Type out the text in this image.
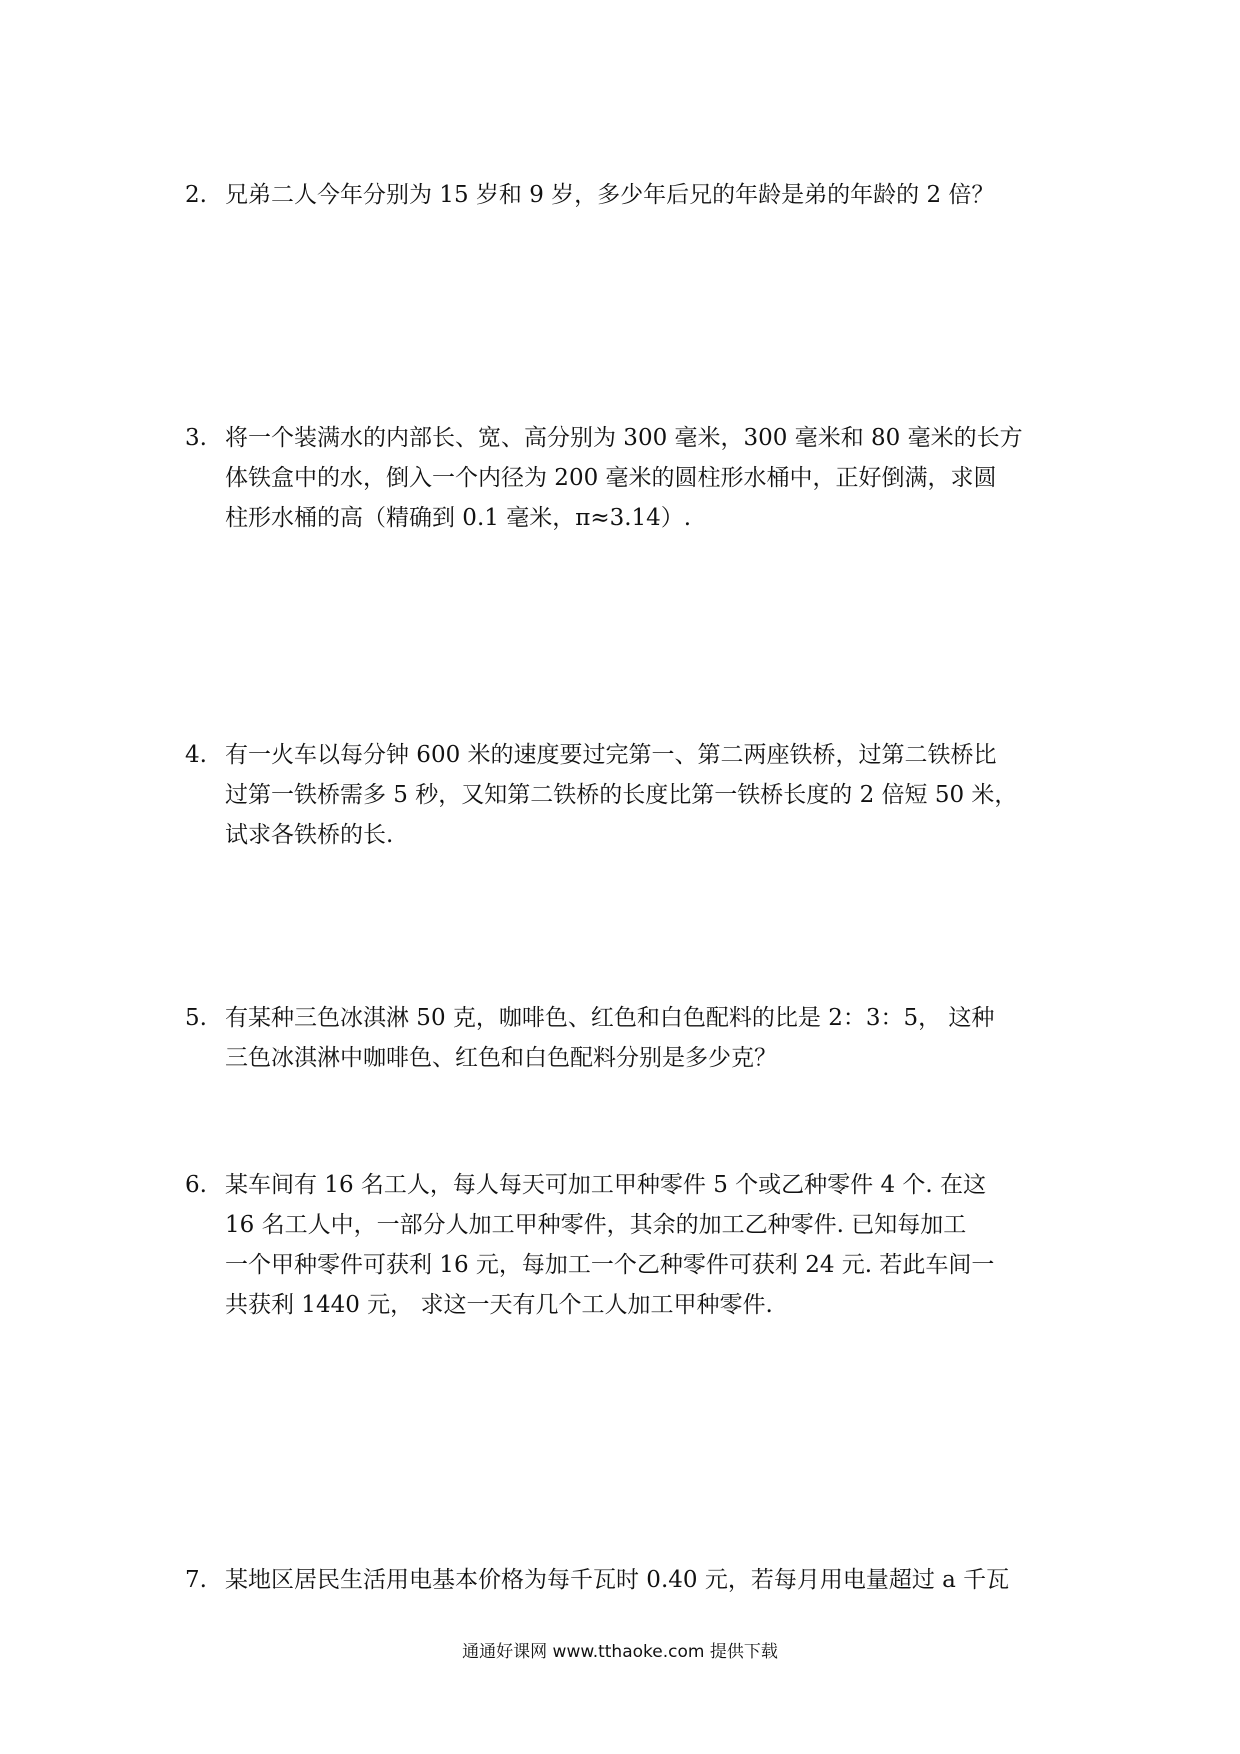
2. 兄弟二人今年分别为 15 岁和 9 岁，多少年后兄的年龄是弟的年龄的 2 倍？
3. 将一个装满水的内部长、宽、高分别为 300 毫米，300 毫米和 80 毫米的长方
体铁盒中的水，倒入一个内径为 200 毫米的圆柱形水桶中，正好倒满，求圆
柱形水桶的高（精确到 0.1 毫米，π≈3.14）.
4. 有一火车以每分钟 600 米的速度要过完第一、第二两座铁桥，过第二铁桥比
过第一铁桥需多 5 秒，又知第二铁桥的长度比第一铁桥长度的 2 倍短 50 米，
试求各铁桥的长.
5. 有某种三色冰淇淋 50 克，咖啡色、红色和白色配料的比是 2：3：5， 这种
三色冰淇淋中咖啡色、红色和白色配料分别是多少克？
6. 某车间有 16 名工人，每人每天可加工甲种零件 5 个或乙种零件 4 个. 在这
16 名工人中，一部分人加工甲种零件，其余的加工乙种零件. 已知每加工
一个甲种零件可获利 16 元，每加工一个乙种零件可获利 24 元. 若此车间一
共获利 1440 元， 求这一天有几个工人加工甲种零件.
7. 某地区居民生活用电基本价格为每千瓦时 0.40 元，若每月用电量超过 a 千瓦
通通好课网 www.tthaoke.com 提供下载
